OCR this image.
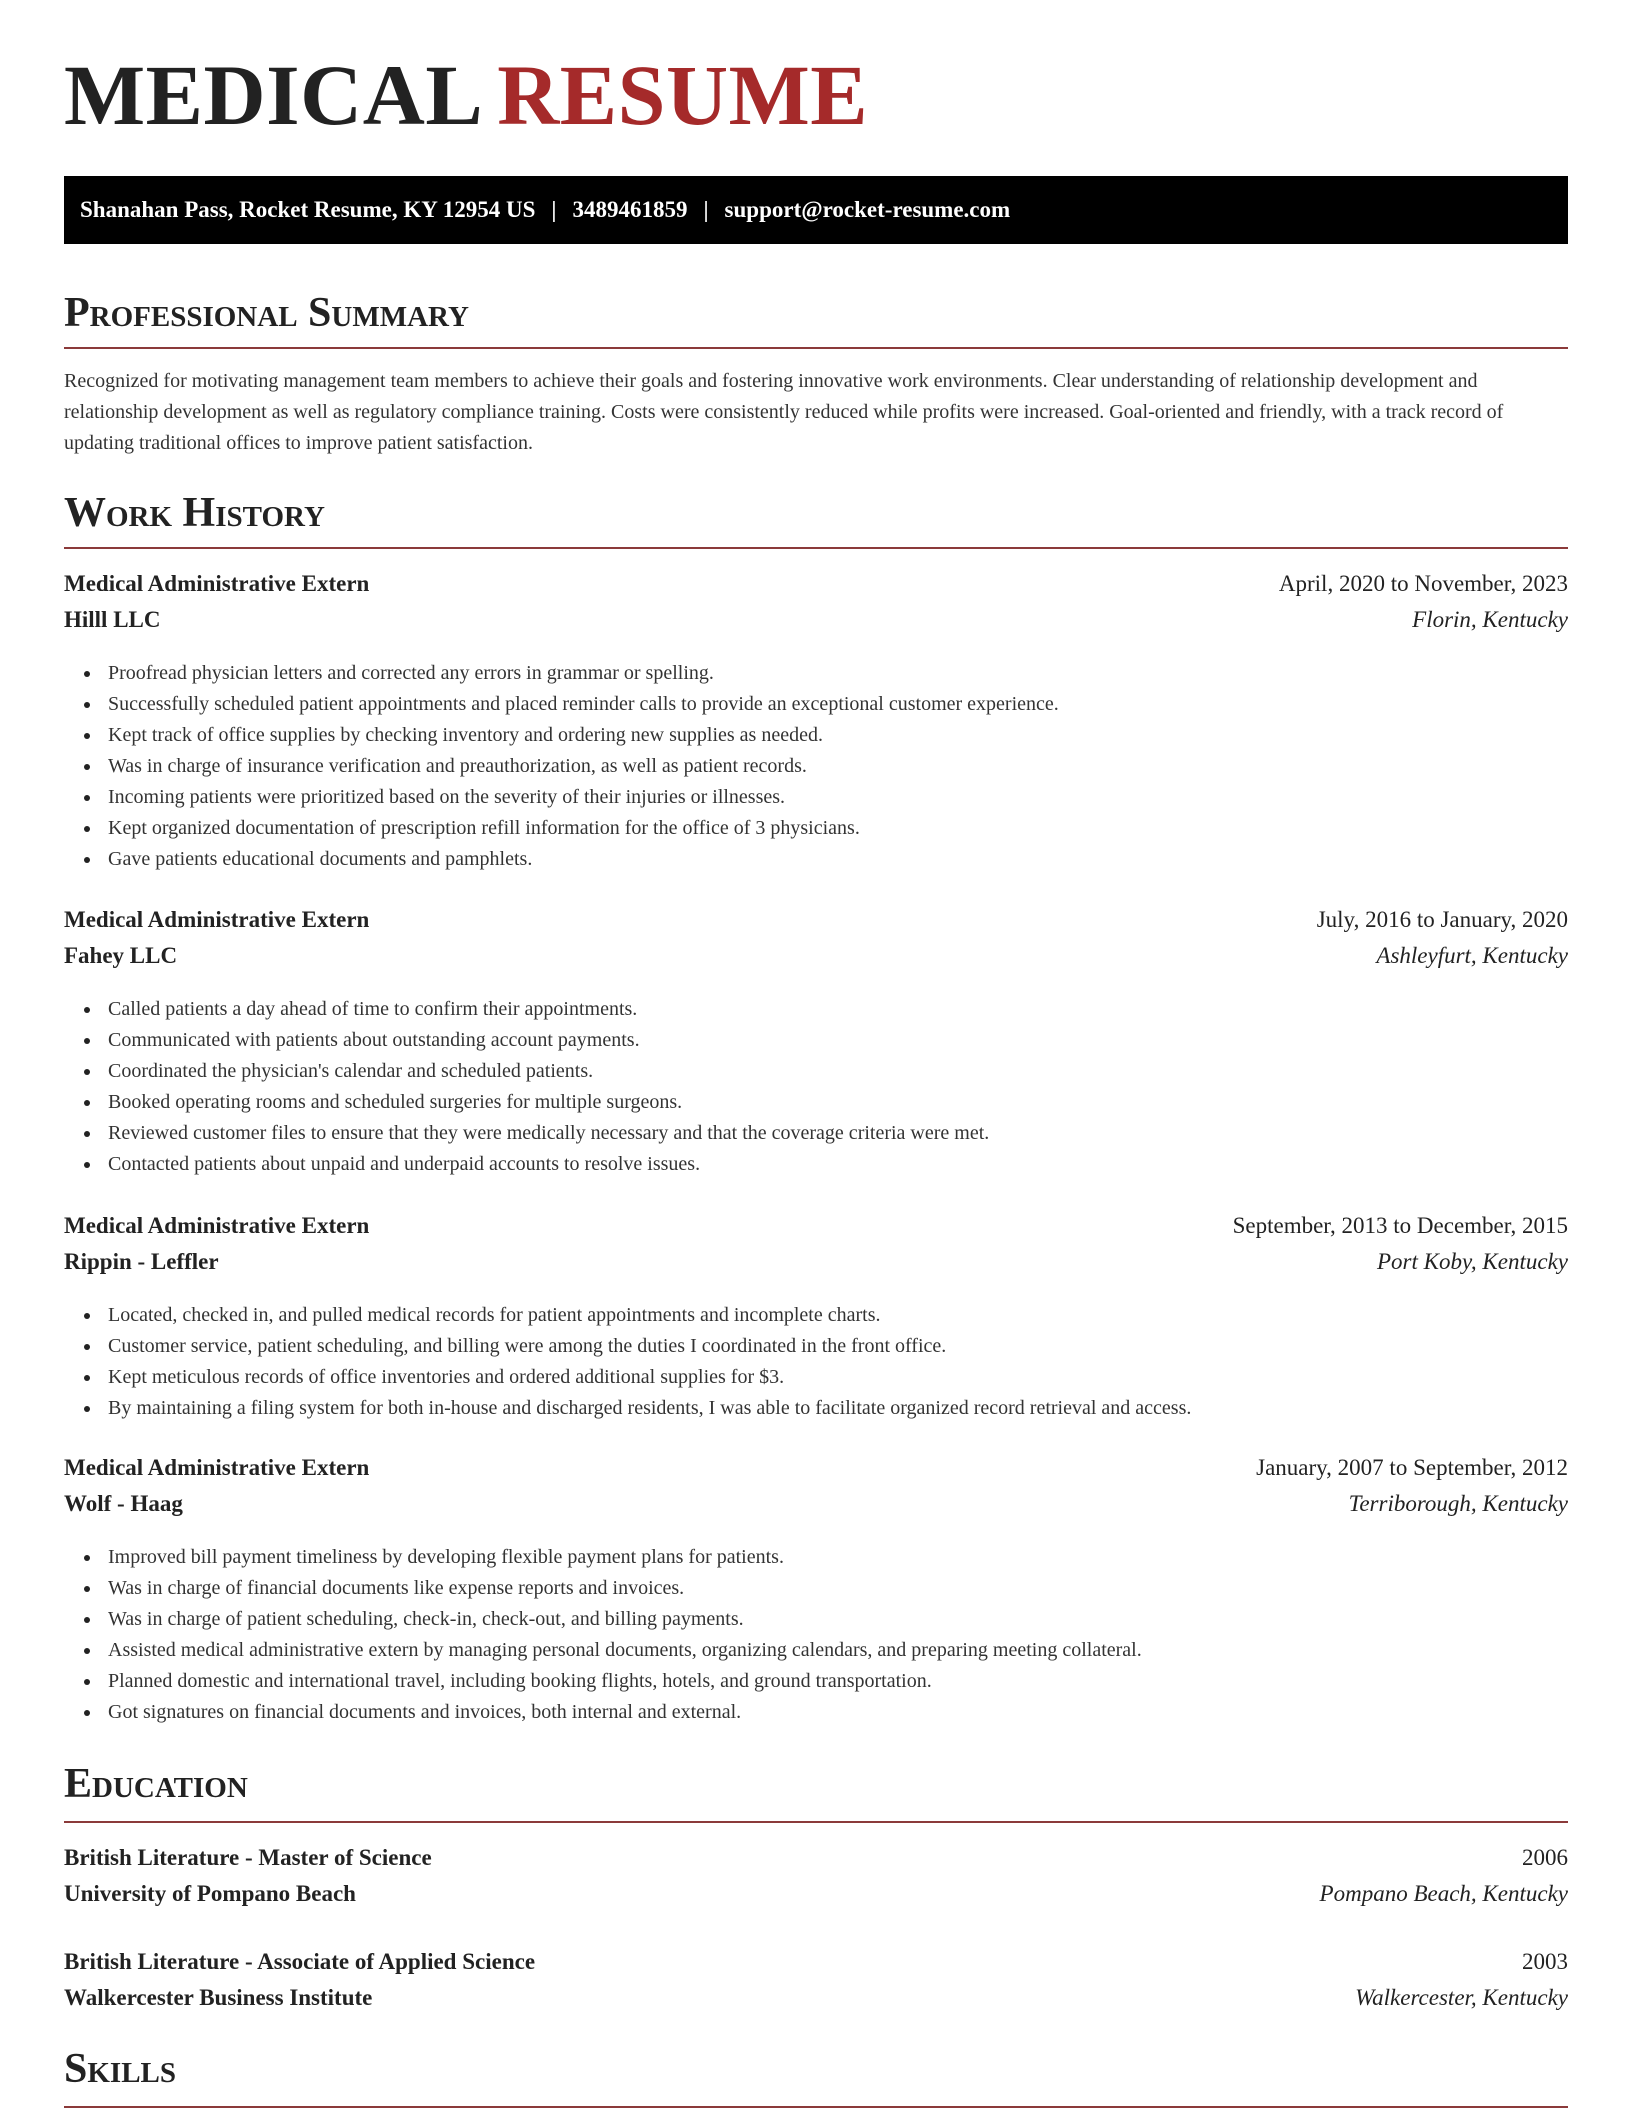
MEDICAL RESUME
Shanahan Pass, Rocket Resume, KY 12954 US | 3489461859 | support@rocket-resume.com
Professional Summary

Recognized for motivating management team members to achieve their goals and fostering innovative work environments. Clear understanding of relationship development and relationship development as well as regulatory compliance training. Costs were consistently reduced while profits were increased. Goal-oriented and friendly, with a track record of updating traditional offices to improve patient satisfaction.

Work History
Medical Administrative Extern	April, 2020 to November, 2023
Hilll LLC	Florin, Kentucky
Proofread physician letters and corrected any errors in grammar or spelling.
Successfully scheduled patient appointments and placed reminder calls to provide an exceptional customer experience.
Kept track of office supplies by checking inventory and ordering new supplies as needed.
Was in charge of insurance verification and preauthorization, as well as patient records.
Incoming patients were prioritized based on the severity of their injuries or illnesses.
Kept organized documentation of prescription refill information for the office of 3 physicians.
Gave patients educational documents and pamphlets.
Medical Administrative Extern	July, 2016 to January, 2020
Fahey LLC	Ashleyfurt, Kentucky
Called patients a day ahead of time to confirm their appointments.
Communicated with patients about outstanding account payments.
Coordinated the physician's calendar and scheduled patients.
Booked operating rooms and scheduled surgeries for multiple surgeons.
Reviewed customer files to ensure that they were medically necessary and that the coverage criteria were met.
Contacted patients about unpaid and underpaid accounts to resolve issues.
Medical Administrative Extern	September, 2013 to December, 2015
Rippin - Leffler	Port Koby, Kentucky
Located, checked in, and pulled medical records for patient appointments and incomplete charts.
Customer service, patient scheduling, and billing were among the duties I coordinated in the front office.
Kept meticulous records of office inventories and ordered additional supplies for $3.
By maintaining a filing system for both in-house and discharged residents, I was able to facilitate organized record retrieval and access.
Medical Administrative Extern	January, 2007 to September, 2012
Wolf - Haag	Terriborough, Kentucky
Improved bill payment timeliness by developing flexible payment plans for patients.
Was in charge of financial documents like expense reports and invoices.
Was in charge of patient scheduling, check-in, check-out, and billing payments.
Assisted medical administrative extern by managing personal documents, organizing calendars, and preparing meeting collateral.
Planned domestic and international travel, including booking flights, hotels, and ground transportation.
Got signatures on financial documents and invoices, both internal and external.
Education
British Literature - Master of Science	2006
University of Pompano Beach	Pompano Beach, Kentucky
British Literature - Associate of Applied Science	2003
Walkercester Business Institute	Walkercester, Kentucky
Skills
